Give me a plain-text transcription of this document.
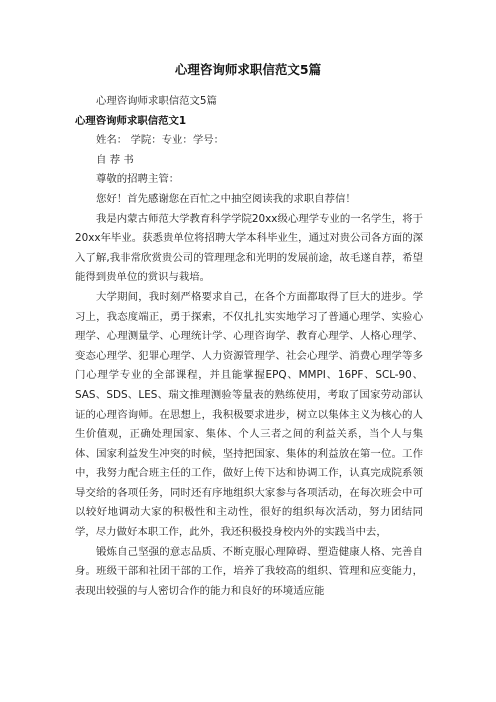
心理咨询师求职信范文5篇

心理咨询师求职信范文5篇

心理咨询师求职信范文1

姓名： 学院：专业：学号：

自 荐 书

尊敬的招聘主管：

您好！首先感谢您在百忙之中抽空阅读我的求职自荐信！

我是内蒙古师范大学教育科学学院20xx级心理学专业的一名学生，将于20xx年毕业。获悉贵单位将招聘大学本科毕业生，通过对贵公司各方面的深入了解,我非常欣赏贵公司的管理理念和光明的发展前途，故毛遂自荐，希望能得到贵单位的赏识与栽培。

大学期间，我时刻严格要求自己，在各个方面都取得了巨大的进步。学习上，我态度端正，勇于探索，不仅扎扎实实地学习了普通心理学、实验心理学、心理测量学、心理统计学、心理咨询学、教育心理学、人格心理学、变态心理学、犯罪心理学、人力资源管理学、社会心理学、消费心理学等多门心理学专业的全部课程，并且能掌握EPQ、MMPI、16PF、SCL-90、SAS、SDS、LES、瑞文推理测验等量表的熟练使用，考取了国家劳动部认证的心理咨询师。在思想上，我积极要求进步，树立以集体主义为核心的人生价值观，正确处理国家、集体、个人三者之间的利益关系，当个人与集体、国家利益发生冲突的时候，坚持把国家、集体的利益放在第一位。工作中，我努力配合班主任的工作，做好上传下达和协调工作，认真完成院系领导交给的各项任务，同时还有序地组织大家参与各项活动，在每次班会中可以较好地调动大家的积极性和主动性，很好的组织每次活动，努力团结同学，尽力做好本职工作，此外，我还积极投身校内外的实践当中去，

锻炼自己坚强的意志品质、不断克服心理障碍、塑造健康人格、完善自身。班级干部和社团干部的工作，培养了我较高的组织、管理和应变能力，表现出较强的与人密切合作的能力和良好的环境适应能
